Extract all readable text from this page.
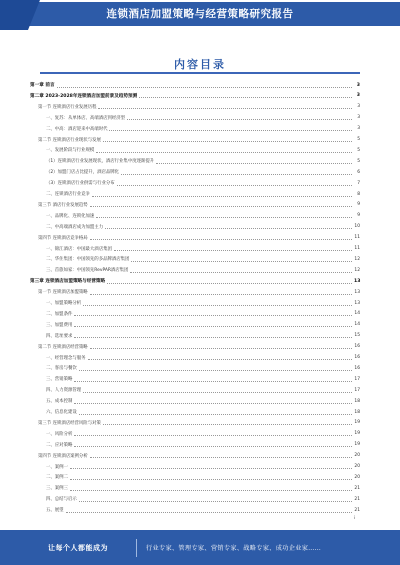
连锁酒店加盟策略与经营策略研究报告
内容目录
第一章 前言	3
第二章 2023-2028年连锁酒店加盟前景及趋势预测	3
第一节 连锁酒店行业发展历程	3
一、复苏：从单体店、高端酒店到经济型	3
二、中高：酒店迎来中高端时代	3
第二节 连锁酒店行业现状与发展	5
一、发展阶段与行业规模	5
（1）连锁酒店行业发展现状，酒店行业集中度逐渐提升	5
（2）加盟门店占比提升，酒店品牌化	6
（3）连锁酒店行业供需与行业分布	7
二、连锁酒店行业竞争	8
第三节 酒店行业发展趋势	9
一、品牌化、连锁化加速	9
二、中高端酒店成为加盟主力	10
第四节 连锁酒店竞争格局	11
一、锦江酒店：中国最大酒店集团	11
二、华住集团：中国领先的多品牌酒店集团	12
三、首旅如家：中国领先RevPAR酒店集团	12
第三章 连锁酒店加盟策略与经营策略	13
第一节 连锁酒店加盟策略	13
一、加盟策略分析	13
二、加盟条件	14
三、加盟费用	14
四、选址要求	15
第二节 连锁酒店经营策略	16
一、经营理念与服务	16
二、客房与餐饮	16
三、营销策略	17
四、人力资源管理	17
五、成本控制	18
六、信息化建设	18
第三节 连锁酒店经营风险与对策	19
一、风险分析	19
二、应对策略	19
第四节 连锁酒店案例分析	20
一、案例一	20
二、案例二	20
三、案例三	21
四、总结与启示	21
五、展望	21
i
让每个人都能成为	行业专家、管理专家、营销专家、战略专家、成功企业家……
